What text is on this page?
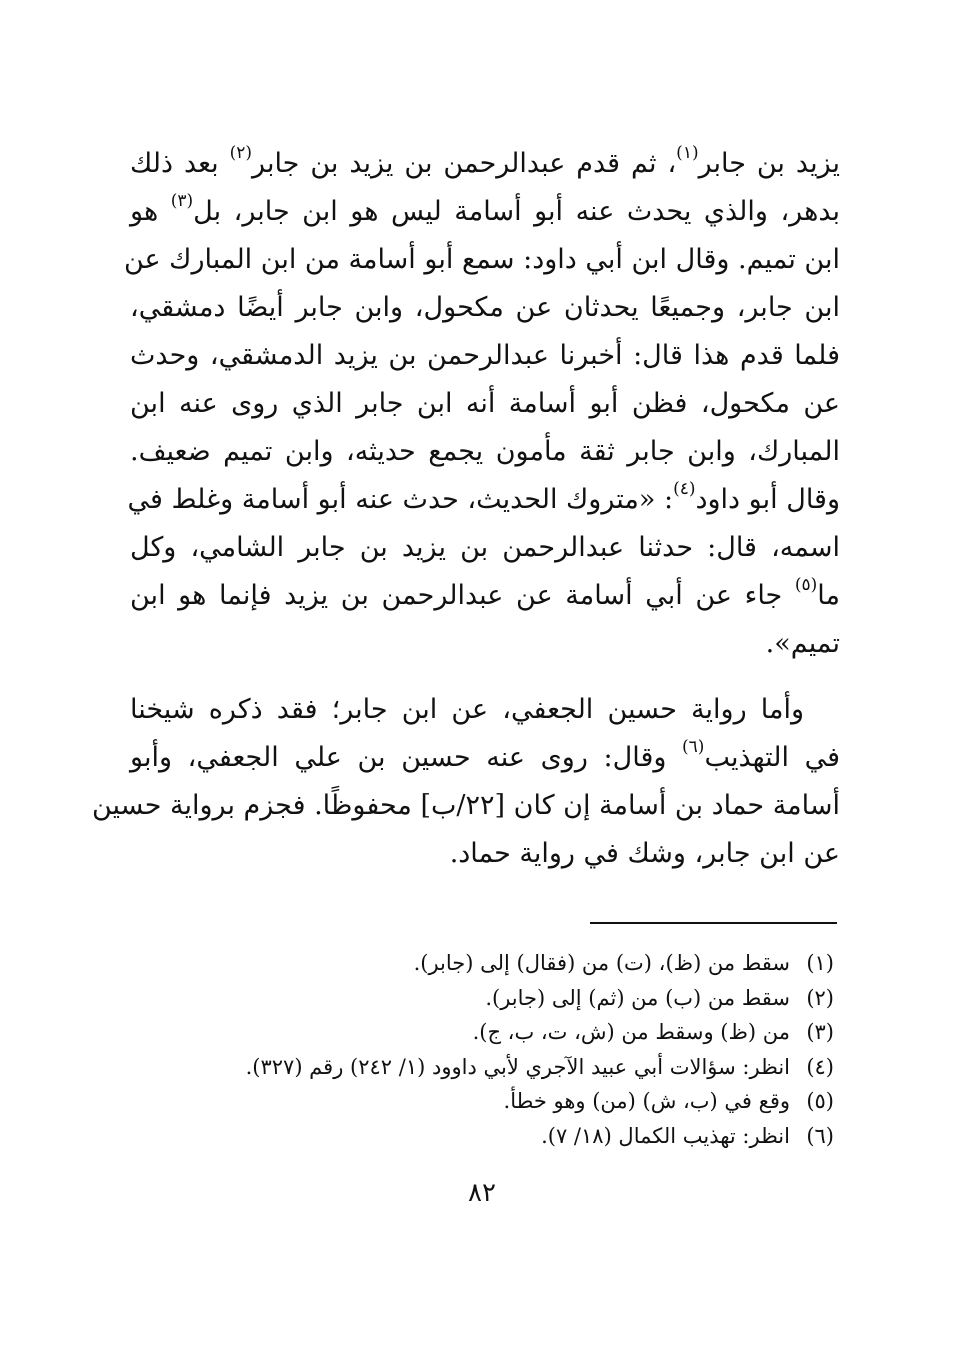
يزيد بن جابر$^{(١)}$، ثم قدم عبدالرحمن بن يزيد بن جابر$^{(٢)}$ بعد ذلك
بدهر، والذي يحدث عنه أبو أسامة ليس هو ابن جابر، بل$^{(٣)}$ هو
ابن تميم. وقال ابن أبي داود: سمع أبو أسامة من ابن المبارك عن
ابن جابر، وجميعًا يحدثان عن مكحول، وابن جابر أيضًا دمشقي،
فلما قدم هذا قال: أخبرنا عبدالرحمن بن يزيد الدمشقي، وحدث
عن مكحول، فظن أبو أسامة أنه ابن جابر الذي روى عنه ابن
المبارك، وابن جابر ثقة مأمون يجمع حديثه، وابن تميم ضعيف.
وقال أبو داود$^{(٤)}$: «متروك الحديث، حدث عنه أبو أسامة وغلط في
اسمه، قال: حدثنا عبدالرحمن بن يزيد بن جابر الشامي، وكل
ما$^{(٥)}$ جاء عن أبي أسامة عن عبدالرحمن بن يزيد فإنما هو ابن
تميم».
وأما رواية حسين الجعفي، عن ابن جابر؛ فقد ذكره شيخنا
في التهذيب$^{(٦)}$ وقال: روى عنه حسين بن علي الجعفي، وأبو
أسامة حماد بن أسامة إن كان [٢٢/ب] محفوظًا. فجزم برواية حسين
عن ابن جابر، وشك في رواية حماد.
(١)سقط من (ظ)، (ت) من (فقال) إلى (جابر).
(٢)سقط من (ب) من (ثم) إلى (جابر).
(٣)من (ظ) وسقط من (ش، ت، ب، ج).
(٤)انظر: سؤالات أبي عبيد الآجري لأبي داوود (١/ ٢٤٢) رقم (٣٢٧).
(٥)وقع في (ب، ش) (من) وهو خطأ.
(٦)انظر: تهذيب الكمال (١٨/ ٧).
٨٢
